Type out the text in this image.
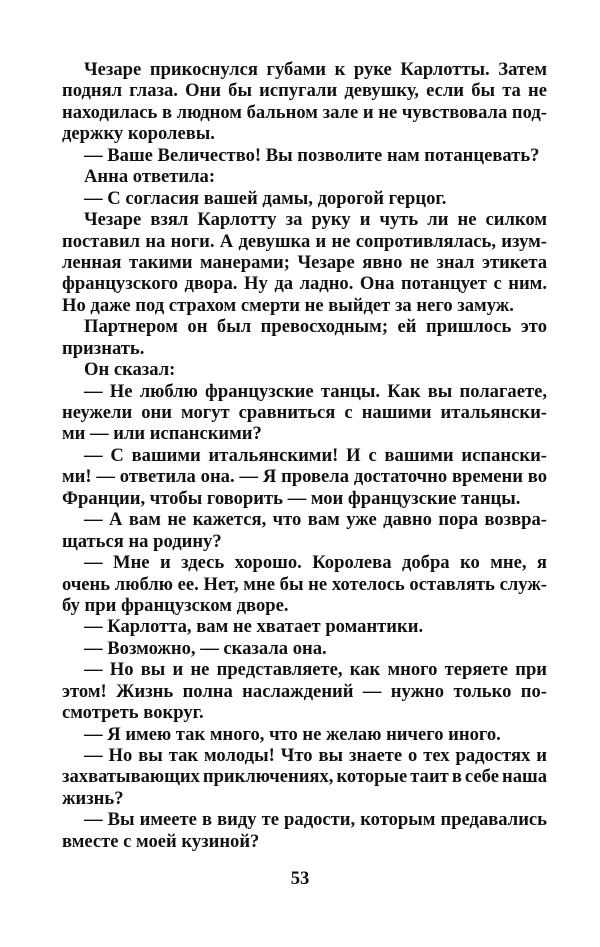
Чезаре прикоснулся губами к руке Карлотты. Затем
поднял глаза. Они бы испугали девушку, если бы та не
находилась в людном бальном зале и не чувствовала под-
держку королевы.
— Ваше Величество! Вы позволите нам потанцевать?
Анна ответила:
— С согласия вашей дамы, дорогой герцог.
Чезаре взял Карлотту за руку и чуть ли не силком
поставил на ноги. А девушка и не сопротивлялась, изум-
ленная такими манерами; Чезаре явно не знал этикета
французского двора. Ну да ладно. Она потанцует с ним.
Но даже под страхом смерти не выйдет за него замуж.
Партнером он был превосходным; ей пришлось это
признать.
Он сказал:
— Не люблю французские танцы. Как вы полагаете,
неужели они могут сравниться с нашими итальянски-
ми — или испанскими?
— С вашими итальянскими! И с вашими испански-
ми! — ответила она. — Я провела достаточно времени во
Франции, чтобы говорить — мои французские танцы.
— А вам не кажется, что вам уже давно пора возвра-
щаться на родину?
— Мне и здесь хорошо. Королева добра ко мне, я
очень люблю ее. Нет, мне бы не хотелось оставлять служ-
бу при французском дворе.
— Карлотта, вам не хватает романтики.
— Возможно, — сказала она.
— Но вы и не представляете, как много теряете при
этом! Жизнь полна наслаждений — нужно только по-
смотреть вокруг.
— Я имею так много, что не желаю ничего иного.
— Но вы так молоды! Что вы знаете о тех радостях и
захватывающих приключениях, которые таит в себе наша
жизнь?
— Вы имеете в виду те радости, которым предавались
вместе с моей кузиной?
53
